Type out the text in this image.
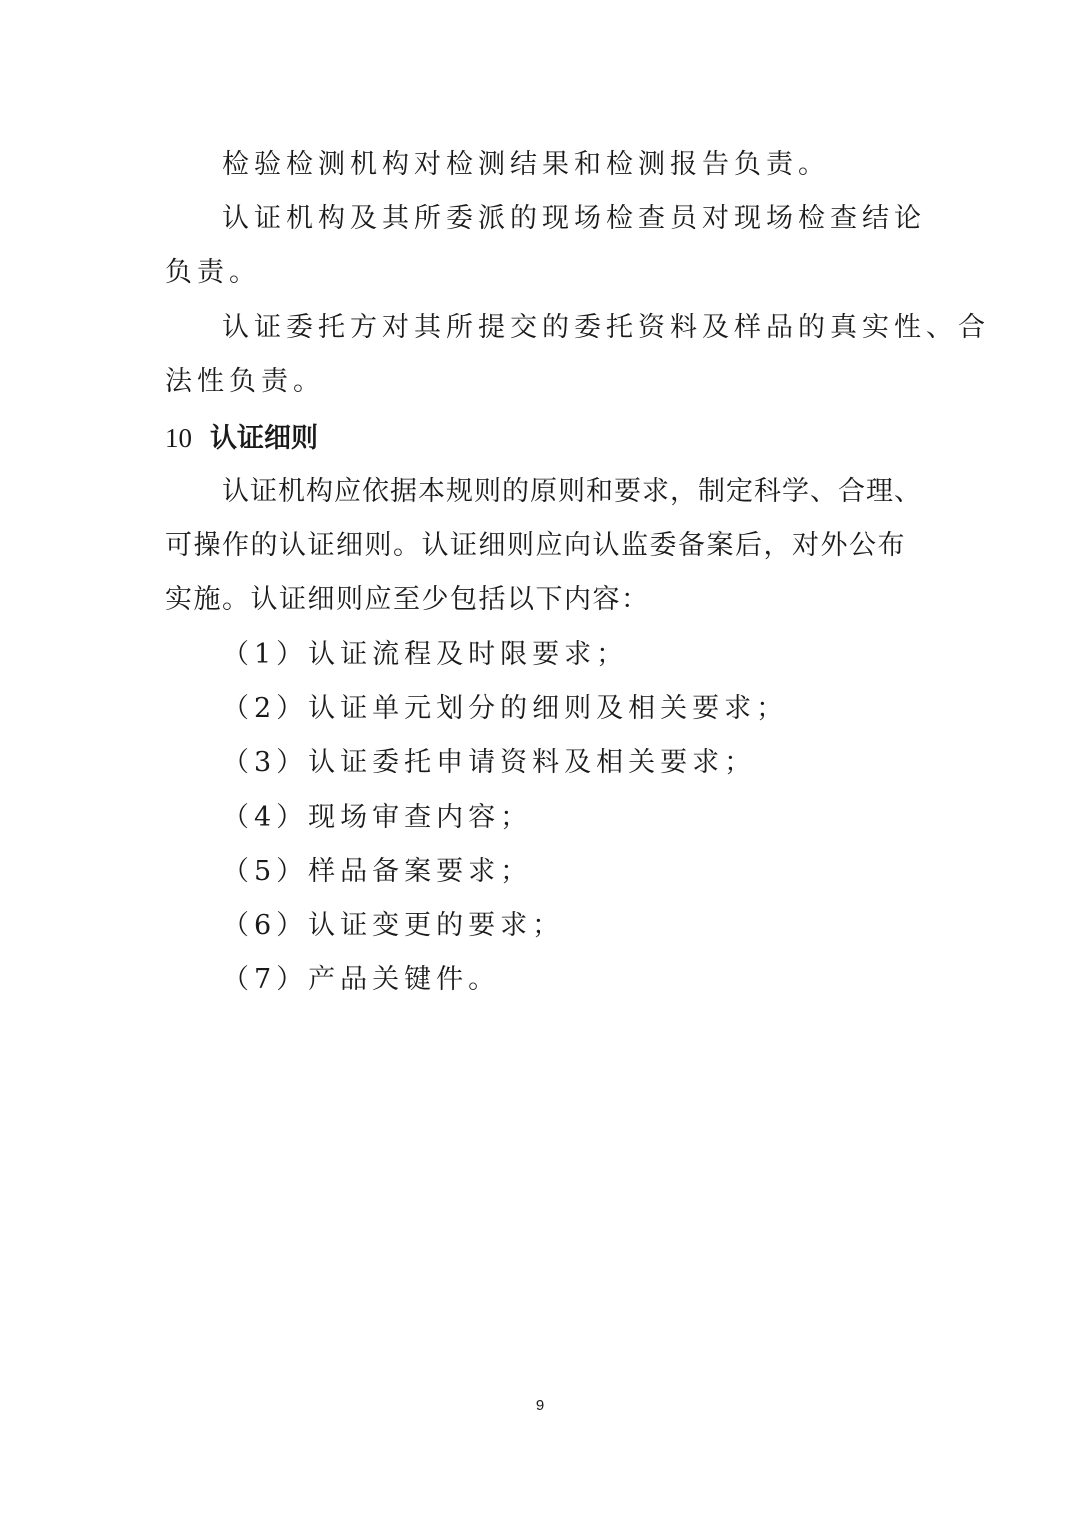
检验检测机构对检测结果和检测报告负责。
认证机构及其所委派的现场检查员对现场检查结论
负责。
认证委托方对其所提交的委托资料及样品的真实性、合
法性负责。
10 认证细则
认证机构应依据本规则的原则和要求，制定科学、合理、
可操作的认证细则。认证细则应向认监委备案后，对外公布
实施。认证细则应至少包括以下内容：
（1）认证流程及时限要求；
（2）认证单元划分的细则及相关要求；
（3）认证委托申请资料及相关要求；
（4）现场审查内容；
（5）样品备案要求；
（6）认证变更的要求；
（7）产品关键件。
9
